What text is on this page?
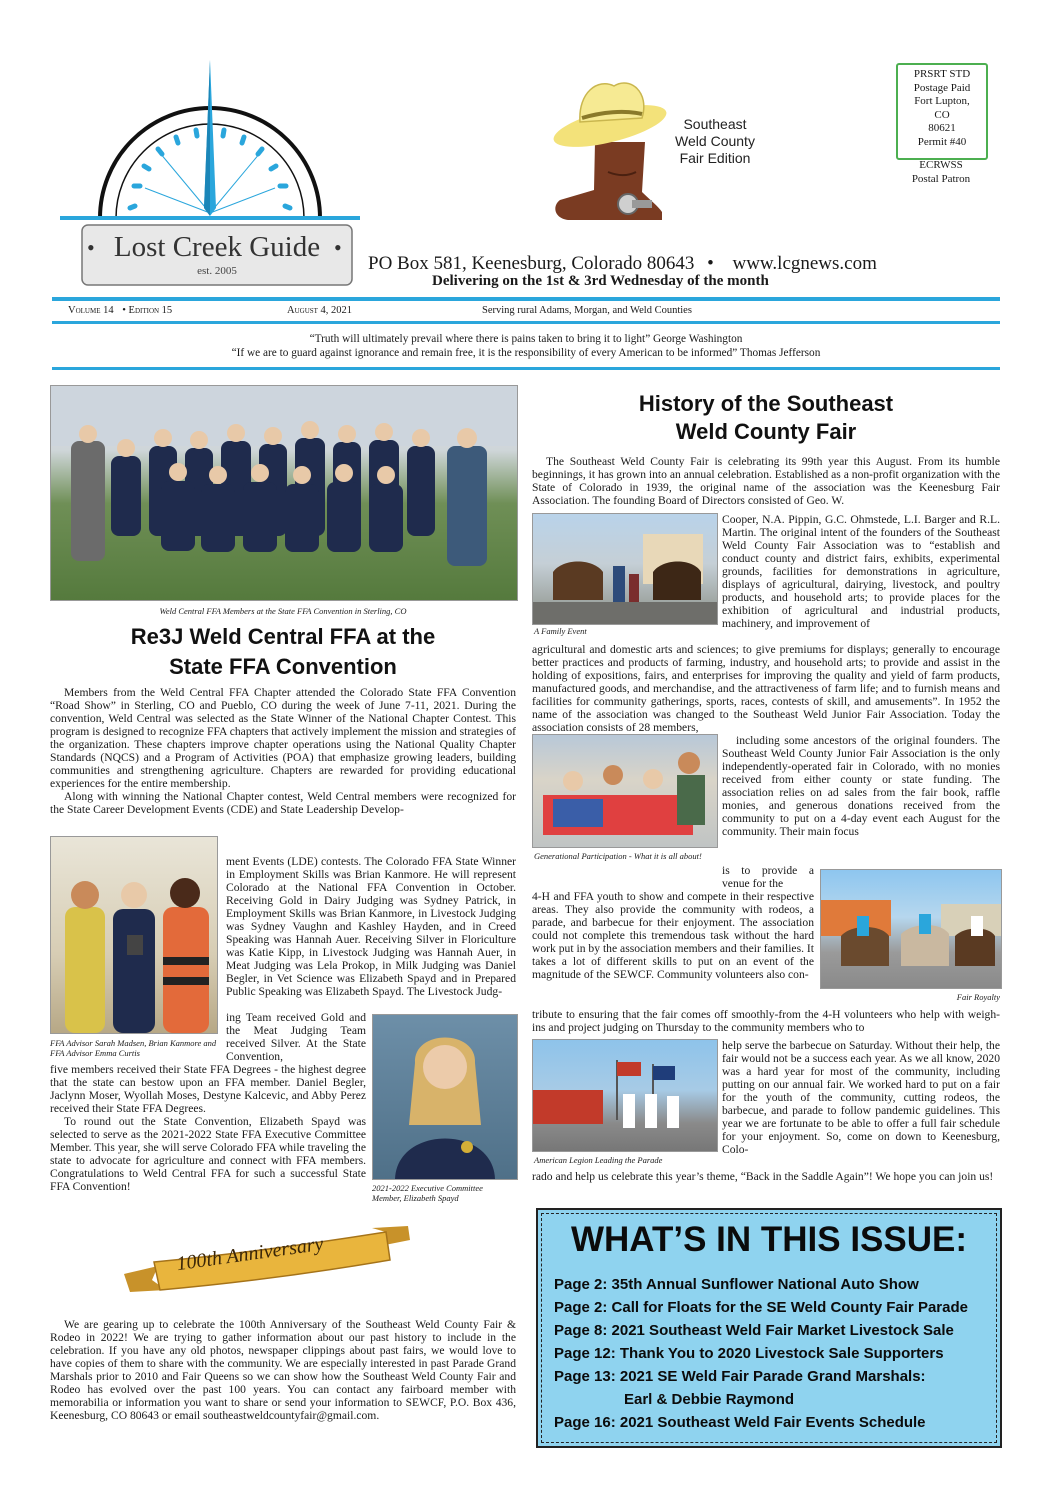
Lost Creek Guide
•	•
est. 2005
Southeast
Weld County
Fair Edition
PRSRT STD
Postage Paid
Fort Lupton,
CO
80621
Permit #40
ECRWSS
Postal Patron
PO Box 581, Keenesburg, Colorado 80643 • www.lcgnews.com
Delivering on the 1st & 3rd Wednesday of the month
Volume 14 • Edition 15	August 4, 2021	Serving rural Adams, Morgan, and Weld Counties
“Truth will ultimately prevail where there is pains taken to bring it to light” George Washington
“If we are to guard against ignorance and remain free, it is the responsibility of every American to be informed” Thomas Jefferson
Weld Central FFA Members at the State FFA Convention in Sterling, CO
Re3J Weld Central FFA at the
State FFA Convention

Members from the Weld Central FFA Chapter attended the Colorado State FFA Convention “Road Show” in Sterling, CO and Pueblo, CO during the week of June 7-11, 2021. During the convention, Weld Central was selected as the State Winner of the National Chapter Contest. This program is designed to recognize FFA chapters that actively implement the mission and strategies of the organization. These chapters improve chapter operations using the National Quality Chapter Standards (NQCS) and a Program of Activities (POA) that emphasize growing leaders, building communities and strengthening agriculture. Chapters are rewarded for providing educational experiences for the entire membership.

Along with winning the National Chapter contest, Weld Central members were recognized for the State Career Development Events (CDE) and State Leadership Develop-

ment Events (LDE) contests. The Colorado FFA State Winner in Employment Skills was Brian Kanmore. He will represent Colorado at the National FFA Convention in October. Receiving Gold in Dairy Judging was Sydney Patrick, in Employment Skills was Brian Kanmore, in Livestock Judging was Sydney Vaughn and Kashley Hayden, and in Creed Speaking was Hannah Auer. Receiving Silver in Floriculture was Katie Kipp, in Livestock Judging was Hannah Auer, in Meat Judging was Lela Prokop, in Milk Judging was Daniel Begler, in Vet Science was Elizabeth Spayd and in Prepared Public Speaking was Elizabeth Spayd. The Livestock Judg-

ing Team received Gold and the Meat Judging Team received Silver. At the State Convention,

FFA Advisor Sarah Madsen, Brian Kanmore and FFA Advisor Emma Curtis

five members received their State FFA Degrees - the highest degree that the state can bestow upon an FFA member. Daniel Begler, Jaclynn Moser, Wyollah Moses, Destyne Kalcevic, and Abby Perez received their State FFA Degrees.

To round out the State Convention, Elizabeth Spayd was selected to serve as the 2021-2022 State FFA Executive Committee Member. This year, she will serve Colorado FFA while traveling the state to advocate for agriculture and connect with FFA members. Congratulations to Weld Central FFA for such a successful State FFA Convention!	2021-2022 Executive Committee Member, Elizabeth Spayd
100th Anniversary

We are gearing up to celebrate the 100th Anniversary of the Southeast Weld County Fair & Rodeo in 2022! We are trying to gather information about our past history to include in the celebration. If you have any old photos, newspaper clippings about past fairs, we would love to have copies of them to share with the community. We are especially interested in past Parade Grand Marshals prior to 2010 and Fair Queens so we can show how the Southeast Weld County Fair and Rodeo has evolved over the past 100 years. You can contact any fairboard member with memorabilia or information you want to share or send your information to SEWCF, P.O. Box 436, Keenesburg, CO 80643 or email southeastweldcountyfair@gmail.com.

History of the Southeast
Weld County Fair

The Southeast Weld County Fair is celebrating its 99th year this August. From its humble beginnings, it has grown into an annual celebration. Established as a non-profit organization with the State of Colorado in 1939, the original name of the association was the Keenesburg Fair Association. The founding Board of Directors consisted of Geo. W.

A Family Event

Cooper, N.A. Pippin, G.C. Ohmstede, L.I. Barger and R.L. Martin. The original intent of the founders of the Southeast Weld County Fair Association was to “establish and conduct county and district fairs, exhibits, experimental grounds, facilities for demonstrations in agriculture, displays of agricultural, dairying, livestock, and poultry products, and household arts; to provide places for the exhibition of agricultural and industrial products, machinery, and improvement of

agricultural and domestic arts and sciences; to give premiums for displays; generally to encourage better practices and products of farming, industry, and household arts; to provide and assist in the holding of expositions, fairs, and enterprises for improving the quality and yield of farm products, manufactured goods, and merchandise, and the attractiveness of farm life; and to furnish means and facilities for community gatherings, sports, races, contests of skill, and amusements”. In 1952 the name of the association was changed to the Southeast Weld Junior Fair Association. Today the association consists of 28 members,

Generational Participation - What it is all about!

including some ancestors of the original founders. The Southeast Weld County Junior Fair Association is the only independently-operated fair in Colorado, with no monies received from either county or state funding. The association relies on ad sales from the fair book, raffle monies, and generous donations received from the community to put on a 4-day event each August for the community. Their main focus

is to provide a venue for the

Fair Royalty

4-H and FFA youth to show and compete in their respective areas. They also provide the community with rodeos, a parade, and barbecue for their enjoyment. The association could not complete this tremendous task without the hard work put in by the association members and their families. It takes a lot of different skills to put on an event of the magnitude of the SEWCF. Community volunteers also con-

tribute to ensuring that the fair comes off smoothly-from the 4-H volunteers who help with weigh-ins and project judging on Thursday to the community members who to

American Legion Leading the Parade

help serve the barbecue on Saturday. Without their help, the fair would not be a success each year. As we all know, 2020 was a hard year for most of the community, including putting on our annual fair. We worked hard to put on a fair for the youth of the community, cutting rodeos, the barbecue, and parade to follow pandemic guidelines. This year we are fortunate to be able to offer a full fair schedule for your enjoyment. So, come on down to Keenesburg, Colo-

rado and help us celebrate this year’s theme, “Back in the Saddle Again”! We hope you can join us!

WHAT’S IN THIS ISSUE:
Page 2: 35th Annual Sunflower National Auto Show
Page 2: Call for Floats for the SE Weld County Fair Parade
Page 8: 2021 Southeast Weld Fair Market Livestock Sale
Page 12: Thank You to 2020 Livestock Sale Supporters
Page 13: 2021 SE Weld Fair Parade Grand Marshals:
Earl & Debbie Raymond
Page 16: 2021 Southeast Weld Fair Events Schedule
